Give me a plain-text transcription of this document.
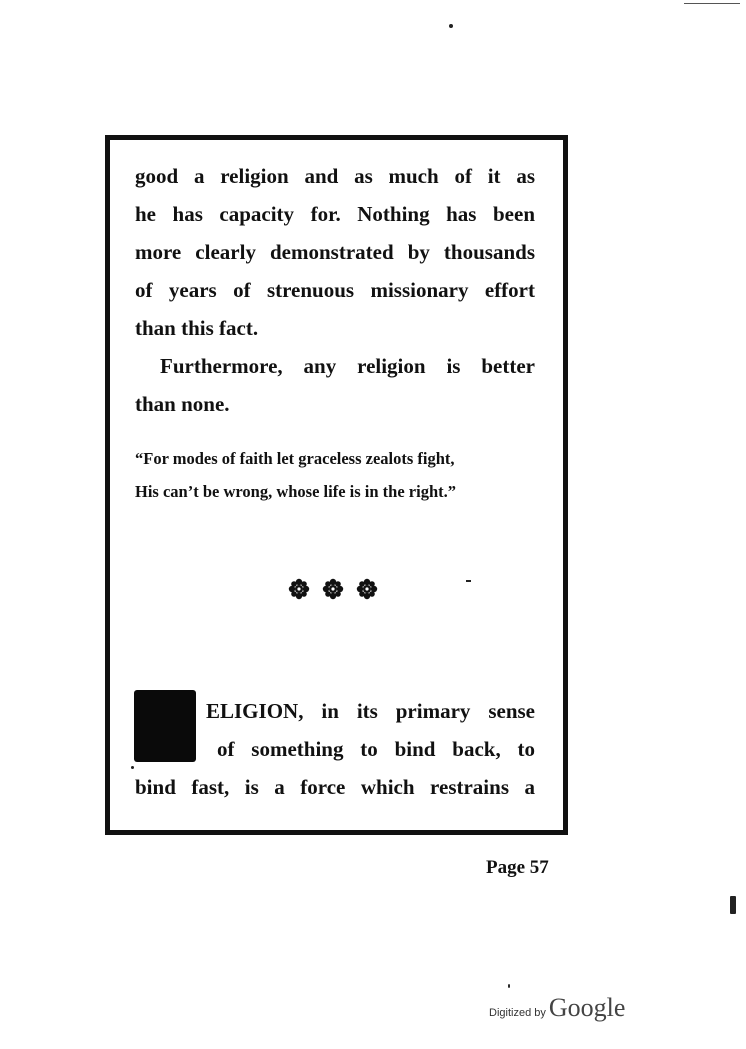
good a religion and as much of it as
he has capacity for. Nothing has been
more clearly demonstrated by thousands
of years of strenuous missionary effort
than this fact.
Furthermore, any religion is better
than none.
“For modes of faith let graceless zealots fight,
His can’t be wrong, whose life is in the right.”
ELIGION, in its primary sense
of something to bind back, to
bind fast, is a force which restrains a
Page 57
Digitized by Google
